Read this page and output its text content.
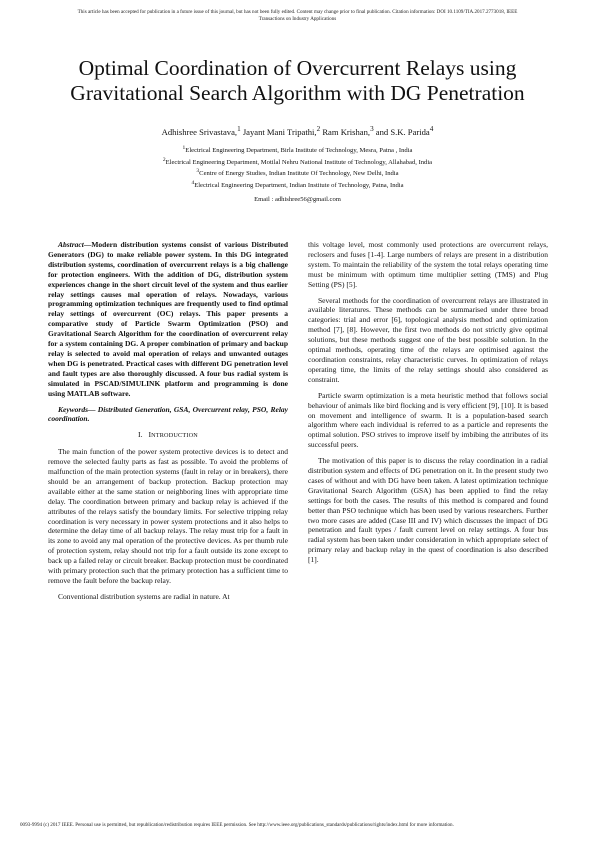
This article has been accepted for publication in a future issue of this journal, but has not been fully edited. Content may change prior to final publication. Citation information: DOI 10.1109/TIA.2017.2773018, IEEE
Transactions on Industry Applications
Optimal Coordination of Overcurrent Relays using
Gravitational Search Algorithm with DG Penetration
Adhishree Srivastava,$^1$ Jayant Mani Tripathi,$^2$ Ram Krishan,$^3$ and S.K. Parida$^4$
$^1$Electrical Engineering Department, Birla Institute of Technology, Mesra, Patna , India
$^2$Electrical Engineering Department, Motilal Nehru National Institute of Technology, Allahabad, India
$^3$Centre of Energy Studies, Indian Institute Of Technology, New Delhi, India
$^4$Electrical Engineering Department, Indian Institute of Technology, Patna, India
Email : adhishree56@gmail.com

Abstract—Modern distribution systems consist of various Distributed Generators (DG) to make reliable power system. In this DG integrated distribution systems, coordination of overcurrent relays is a big challenge for protection engineers. With the addition of DG, distribution system experiences change in the short circuit level of the system and thus earlier relay settings causes mal operation of relays. Nowadays, various programming optimization techniques are frequently used to find optimal relay settings of overcurrent (OC) relays. This paper presents a comparative study of Particle Swarm Optimization (PSO) and Gravitational Search Algorithm for the coordination of overcurrent relay for a system containing DG. A proper combination of primary and backup relay is selected to avoid mal operation of relays and unwanted outages when DG is penetrated. Practical cases with different DG penetration level and fault types are also thoroughly discussed. A four bus radial system is simulated in PSCAD/SIMULINK platform and programming is done using MATLAB software.

Keywords— Distributed Generation, GSA, Overcurrent relay, PSO, Relay coordination.

I. INTRODUCTION

The main function of the power system protective devices is to detect and remove the selected faulty parts as fast as possible. To avoid the problems of malfunction of the main protection systems (fault in relay or in breakers), there should be an arrangement of backup protection. Backup protection may available either at the same station or neighboring lines with appropriate time delay. The coordination between primary and backup relay is achieved if the attributes of the relays satisfy the boundary limits. For selective tripping relay coordination is very necessary in power system protections and it also helps to determine the delay time of all backup relays. The relay must trip for a fault in its zone to avoid any mal operation of the protective devices. As per thumb rule of protection system, relay should not trip for a fault outside its zone except to back up a failed relay or circuit breaker. Backup protection must be coordinated with primary protection such that the primary protection has a sufficient time to remove the fault before the backup relay.

Conventional distribution systems are radial in nature. At

this voltage level, most commonly used protections are overcurrent relays, reclosers and fuses [1-4]. Large numbers of relays are present in a distribution system. To maintain the reliability of the system the total relays operating time must be minimum with optimum time multiplier setting (TMS) and Plug Setting (PS) [5].

Several methods for the coordination of overcurrent relays are illustrated in available literatures. These methods can be summarised under three broad categories: trial and error [6], topological analysis method and optimization method [7], [8]. However, the first two methods do not strictly give optimal solutions, but these methods suggest one of the best possible solution. In the optimal methods, operating time of the relays are optimised against the coordination constraints, relay characteristic curves. In optimization of relays operating time, the limits of the relay settings should also considered as constraint.

Particle swarm optimization is a meta heuristic method that follows social behaviour of animals like bird flocking and is very efficient [9], [10]. It is based on movement and intelligence of swarm. It is a population-based search algorithm where each individual is referred to as a particle and represents the optimal solution. PSO strives to improve itself by imbibing the attributes of its successful peers.

The motivation of this paper is to discuss the relay coordination in a radial distribution system and effects of DG penetration on it. In the present study two cases of without and with DG have been taken. A latest optimization technique Gravitational Search Algorithm (GSA) has been applied to find the relay settings for both the cases. The results of this method is compared and found better than PSO technique which has been used by various researchers. Further two more cases are added (Case III and IV) which discusses the impact of DG penetration and fault types / fault current level on relay settings. A four bus radial system has been taken under consideration in which appropriate select of primary relay and backup relay in the quest of coordination is also described [1].

0093-9994 (c) 2017 IEEE. Personal use is permitted, but republication/redistribution requires IEEE permission. See http://www.ieee.org/publications_standards/publications/rights/index.html for more information.
